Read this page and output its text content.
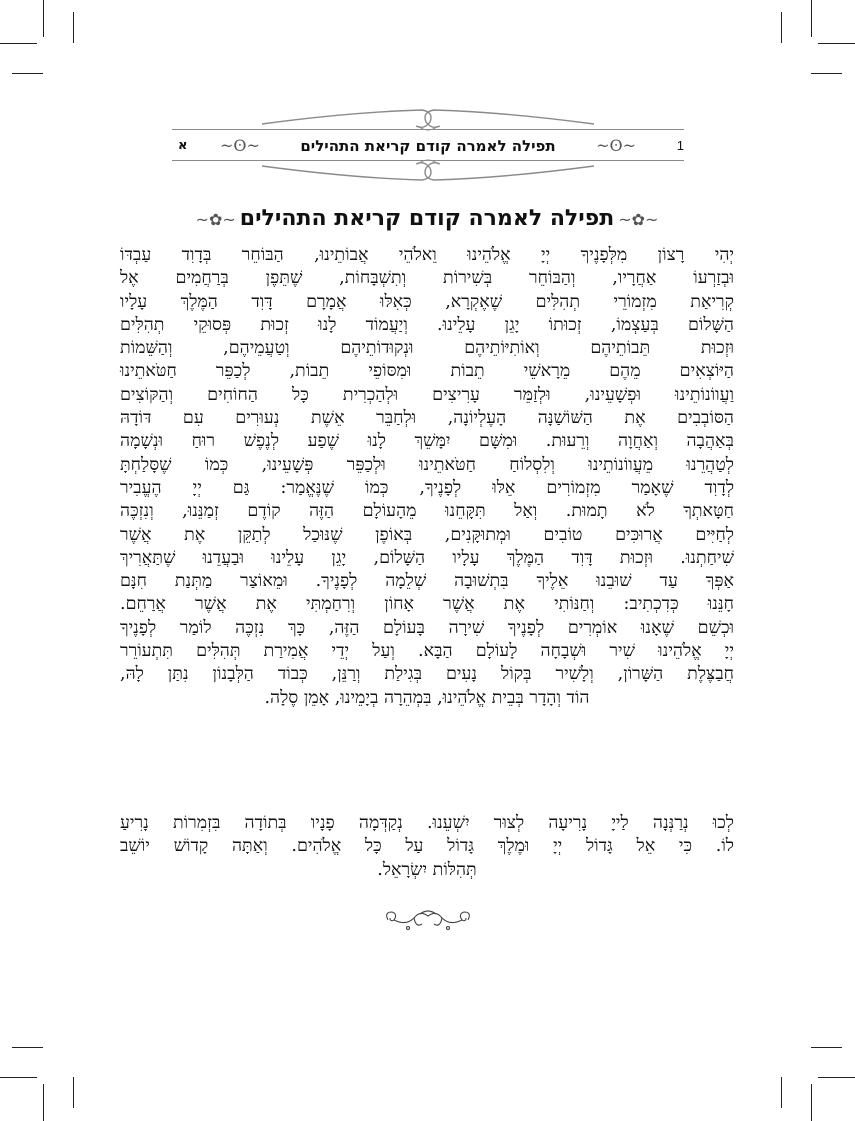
א ~ʘ~	תפילה לאמרה קודם קריאת התהילים	~ʘ~	1
~✿~תפילה לאמרה קודם קריאת התהילים~✿~
יְהִי רָצוֹן מִלְּפָנֶיךָ יְיָ אֱלֹהֵינוּ וֵאלֹהֵי אֲבוֹתֵינוּ, הַבּוֹחֵר בְּדָוִד עַבְדּוֹ
וּבְזַרְעוֹ אַחֲרָיו, וְהַבּוֹחֵר בְּשִׁירוֹת וְתִשְׁבָּחוֹת, שֶׁתֵּפֶן בְּרַחֲמִים אֶל
קְרִיאַת מִזְמוֹרֵי תְהִלִּים שֶׁאֶקְרָא, כְּאִלּוּ אֲמָרָם דָּוִד הַמֶּלֶךְ עָלָיו
הַשָּׁלוֹם בְּעַצְמוֹ, זְכוּתוֹ יָגֵן עָלֵינוּ. וְיַעֲמוֹד לָנוּ זְכוּת פְּסוּקֵי תְהִלִּים
וּזְכוּת תֵּבוֹתֵיהֶם וְאוֹתִיּוֹתֵיהֶם וּנְקוּדוֹתֵיהֶם וְטַעֲמֵיהֶם, וְהַשֵּׁמוֹת
הַיּוֹצְאִים מֵהֶם מֵרָאשֵׁי תֵבוֹת וּמִסּוֹפֵי תֵבוֹת, לְכַפֵּר חַטֹּאתֵינוּ
וַעֲווֹנוֹתֵינוּ וּפְשָׁעֵינוּ, וּלְזַמֵּר עָרִיצִים וּלְהַכְרִית כָּל הַחוֹחִים וְהַקּוֹצִים
הַסּוֹבְבִים אֶת הַשּׁוֹשַׁנָּה הָעֶלְיוֹנָה, וּלְחַבֵּר אֵשֶׁת נְעוּרִים עִם דּוֹדָהּ
בְּאַהֲבָה וְאַחֲוָה וְרֵעוּת. וּמִשָּׁם יִמָּשֵׁךְ לָנוּ שֶׁפַע לְנֶפֶשׁ רוּחַ וּנְשָׁמָה
לְטַהֲרֵנוּ מֵעֲווֹנוֹתֵינוּ וְלִסְלוֹחַ חַטֹּאתֵינוּ וּלְכַפֵּר פְּשָׁעֵינוּ, כְּמוֹ שֶׁסָּלַחְתָּ
לְדָוִד שֶׁאָמַר מִזְמוֹרִים אֵלּוּ לְפָנֶיךָ, כְּמוֹ שֶׁנֶּאֱמַר: גַּם יְיָ הֶעֱבִיר
חַטָּאתְךָ לֹא תָמוּת. וְאַל תִּקָּחֵנוּ מֵהָעוֹלָם הַזֶּה קוֹדֶם זְמַנֵּנוּ, וְנִזְכֶּה
לְחַיִּים אֲרוּכִּים טוֹבִים וּמְתוּקָּנִים, בְּאוֹפֶן שֶׁנּוּכַל לְתַקֵּן אֶת אֲשֶׁר
שִׁיחַתְנוּ. וּזְכוּת דָּוִד הַמֶּלֶךְ עָלָיו הַשָּׁלוֹם, יָגֵן עָלֵינוּ וּבַעֲדֵנוּ שֶׁתַּאֲרִיךְ
אַפְּךָ עַד שׁוּבֵנוּ אֵלֶיךָ בִּתְשׁוּבָה שְׁלֵמָה לְפָנֶיךָ. וּמֵאוֹצַר מַתְּנַת חִנָּם
חָנֵּנוּ כְּדִכְתִיב: וְחַנּוֹתִי אֶת אֲשֶׁר אָחוֹן וְרִחַמְתִּי אֶת אֲשֶׁר אֲרַחֵם.
וּכְשֵׁם שֶׁאָנוּ אוֹמְרִים לְפָנֶיךָ שִׁירָה בָּעוֹלָם הַזֶּה, כָּךְ נִזְכֶּה לוֹמַר לְפָנֶיךָ
יְיָ אֱלֹהֵינוּ שִׁיר וּשְׁבָחָה לָעוֹלָם הַבָּא. וְעַל יְדֵי אֲמִירַת תְּהִלִּים תִּתְעוֹרֵר
חֲבַצֶּלֶת הַשָּׁרוֹן, וְלָשִׁיר בְּקוֹל נָעִים בְּגִילַת וְרַנֵּן, כְּבוֹד הַלְּבָנוֹן נִתַּן לָהּ,
הוֹד וְהָדָר בְּבֵית אֱלֹהֵינוּ, בִּמְהֵרָה בְיָמֵינוּ, אָמֵן סֶלָה.
לְכוּ נְרַנְּנָה לַייָ נָרִיעָה לְצוּר יִשְׁעֵנוּ. נְקַדְּמָה פָנָיו בְּתוֹדָה בִּזְמִרוֹת נָרִיעַ
לוֹ. כִּי אֵל גָּדוֹל יְיָ וּמֶלֶךְ גָּדוֹל עַל כָּל אֱלֹהִים. וְאַתָּה קָדוֹשׁ יוֹשֵׁב
תְּהִלּוֹת יִשְׂרָאֵל.
